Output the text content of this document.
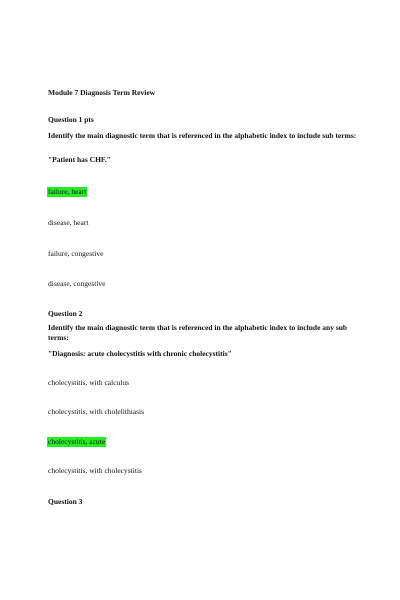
Module 7 Diagnosis Term Review
Question 1 pts
Identify the main diagnostic term that is referenced in the alphabetic index to include sub terms:
"Patient has CHF."
failure, heart
disease, heart
failure, congestive
disease, congestive
Question 2
Identify the main diagnostic term that is referenced in the alphabetic index to include any sub terms:
"Diagnosis: acute cholecystitis with chronic cholecystitis"
cholecystitis, with calculus
cholecystitis, with cholelithiasis
cholecystitis, acute
cholecystitis, with cholecystitis
Question 3
